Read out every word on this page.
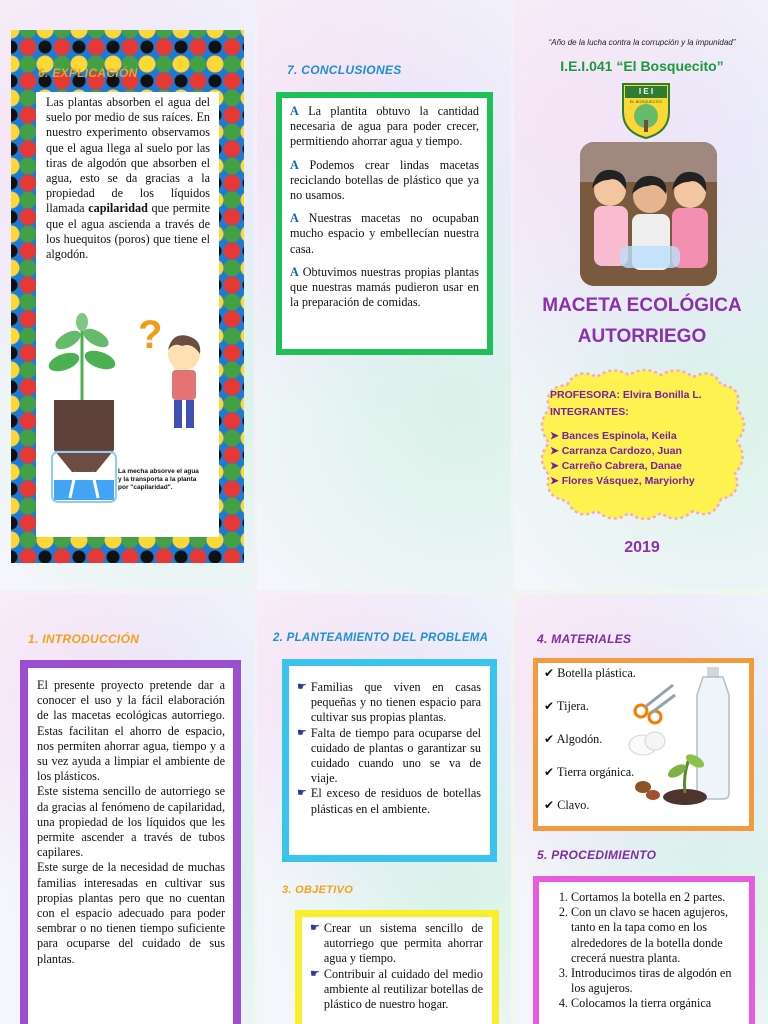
6. EXPLICACIÓN
Las plantas absorben el agua del suelo por medio de sus raíces. En nuestro experimento observamos que el agua llega al suelo por las tiras de algodón que absorben el agua, esto se da gracias a la propiedad de los líquidos llamada capilaridad que permite que el agua ascienda a través de los huequitos (poros) que tiene el algodón.
?
La mecha absorve el agua y la transporta a la planta por "capilaridad".
7. CONCLUSIONES
A La plantita obtuvo la cantidad necesaria de agua para poder crecer, permitiendo ahorrar agua y tiempo.
A Podemos crear lindas macetas reciclando botellas de plástico que ya no usamos.
A Nuestras macetas no ocupaban mucho espacio y embellecían nuestra casa.
A Obtuvimos nuestras propias plantas que nuestras mamás pudieron usar en la preparación de comidas.
“Año de la lucha contra la corrupción y la impunidad”
I.E.I.041 “El Bosquecito”
I E I
EL BOSQUECITO
MACETA ECOLÓGICA
AUTORRIEGO
PROFESORA: Elvira Bonilla L.
INTEGRANTES:
➤ Bances Espinola, Keila
➤ Carranza Cardozo, Juan
➤ Carreño Cabrera, Danae
➤ Flores Vásquez, Maryiorhy
2019
1. INTRODUCCIÓN
El presente proyecto pretende dar a conocer el uso y la fácil elaboración de las macetas ecológicas autorriego. Estas facilitan el ahorro de espacio, nos permiten ahorrar agua, tiempo y a su vez ayuda a limpiar el ambiente de los plásticos.
Este sistema sencillo de autorriego se da gracias al fenómeno de capilaridad, una propiedad de los líquidos que les permite ascender a través de tubos capilares.
Este surge de la necesidad de muchas familias interesadas en cultivar sus propias plantas pero que no cuentan con el espacio adecuado para poder sembrar o no tienen tiempo suficiente para ocuparse del cuidado de sus plantas.
2. PLANTEAMIENTO DEL PROBLEMA
☛ Familias que viven en casas pequeñas y no tienen espacio para cultivar sus propias plantas.
☛ Falta de tiempo para ocuparse del cuidado de plantas o garantizar su cuidado cuando uno se va de viaje.
☛ El exceso de residuos de botellas plásticas en el ambiente.
3. OBJETIVO
☛ Crear un sistema sencillo de autorriego que permita ahorrar agua y tiempo.
☛ Contribuir al cuidado del medio ambiente al reutilizar botellas de plástico de nuestro hogar.
4. MATERIALES
✔ Botella plástica.
✔ Tijera.
✔ Algodón.
✔ Tierra orgánica.
✔ Clavo.
5. PROCEDIMIENTO
1. Cortamos la botella en 2 partes.
2. Con un clavo se hacen agujeros, tanto en la tapa como en los alrededores de la botella donde crecerá nuestra planta.
3. Introducimos tiras de algodón en los agujeros.
4. Colocamos la tierra orgánica
